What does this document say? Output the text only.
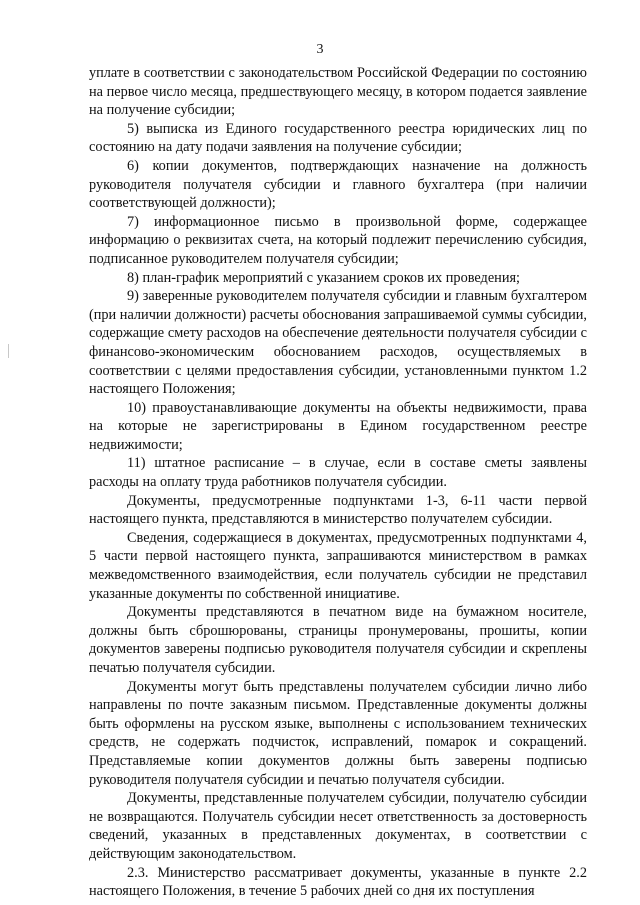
3

уплате в соответствии с законодательством Российской Федерации по состоянию на первое число месяца, предшествующего месяцу, в котором подается заявление на получение субсидии;

5) выписка из Единого государственного реестра юридических лиц по состоянию на дату подачи заявления на получение субсидии;

6) копии документов, подтверждающих назначение на должность руководителя получателя субсидии и главного бухгалтера (при наличии соответствующей должности);

7) информационное письмо в произвольной форме, содержащее информацию о реквизитах счета, на который подлежит перечислению субсидия, подписанное руководителем получателя субсидии;

8) план-график мероприятий с указанием сроков их проведения;

9) заверенные руководителем получателя субсидии и главным бухгалтером (при наличии должности) расчеты обоснования запрашиваемой суммы субсидии, содержащие смету расходов на обеспечение деятельности получателя субсидии с финансово-экономическим обоснованием расходов, осуществляемых в соответствии с целями предоставления субсидии, установленными пунктом 1.2 настоящего Положения;

10) правоустанавливающие документы на объекты недвижимости, права на которые не зарегистрированы в Едином государственном реестре недвижимости;

11) штатное расписание – в случае, если в составе сметы заявлены расходы на оплату труда работников получателя субсидии.

Документы, предусмотренные подпунктами 1-3, 6-11 части первой настоящего пункта, представляются в министерство получателем субсидии.

Сведения, содержащиеся в документах, предусмотренных подпунктами 4, 5 части первой настоящего пункта, запрашиваются министерством в рамках межведомственного взаимодействия, если получатель субсидии не представил указанные документы по собственной инициативе.

Документы представляются в печатном виде на бумажном носителе, должны быть сброшюрованы, страницы пронумерованы, прошиты, копии документов заверены подписью руководителя получателя субсидии и скреплены печатью получателя субсидии.

Документы могут быть представлены получателем субсидии лично либо направлены по почте заказным письмом. Представленные документы должны быть оформлены на русском языке, выполнены с использованием технических средств, не содержать подчисток, исправлений, помарок и сокращений. Представляемые копии документов должны быть заверены подписью руководителя получателя субсидии и печатью получателя субсидии.

Документы, представленные получателем субсидии, получателю субсидии не возвращаются. Получатель субсидии несет ответственность за достоверность сведений, указанных в представленных документах, в соответствии с действующим законодательством.

2.3. Министерство рассматривает документы, указанные в пункте 2.2 настоящего Положения, в течение 5 рабочих дней со дня их поступления
